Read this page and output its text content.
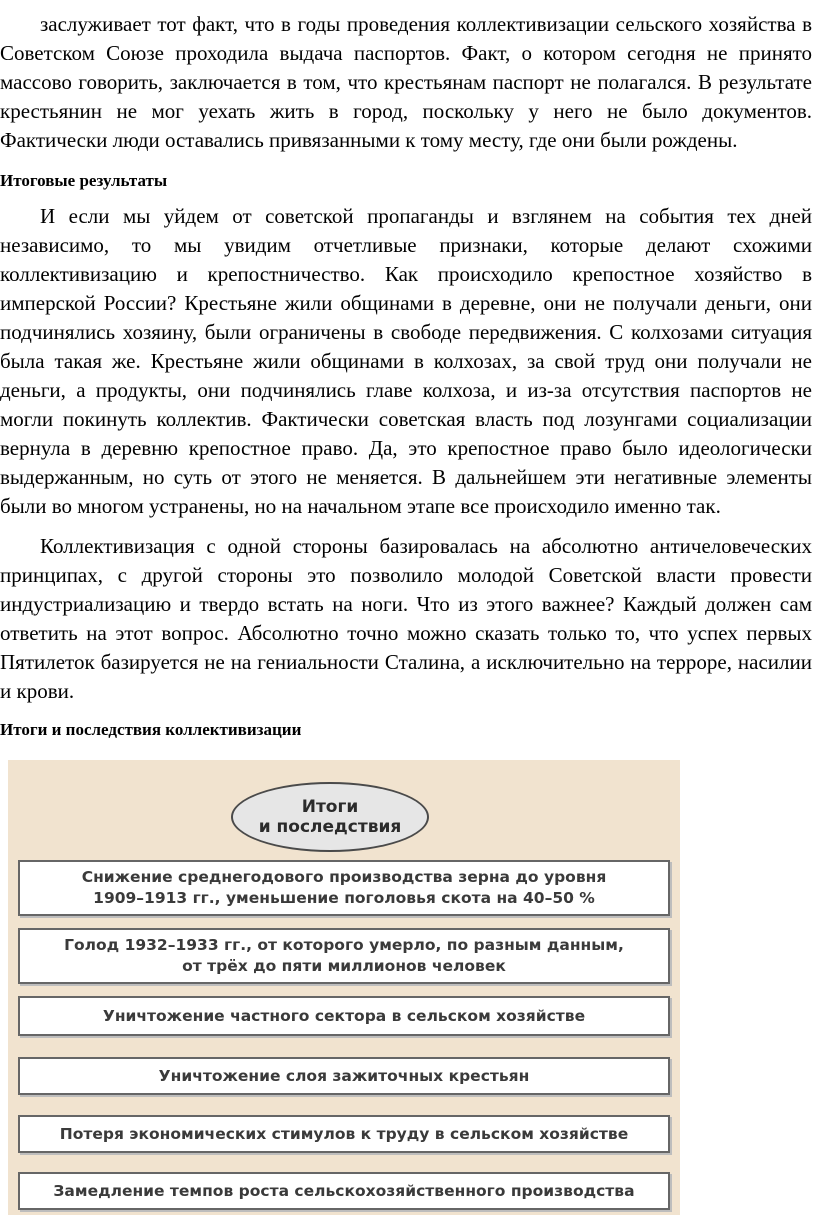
заслуживает тот факт, что в годы проведения коллективизации сельского хозяйства в Советском Союзе проходила выдача паспортов. Факт, о котором сегодня не принято массово говорить, заключается в том, что крестьянам паспорт не полагался. В результате крестьянин не мог уехать жить в город, поскольку у него не было документов. Фактически люди оставались привязанными к тому месту, где они были рождены.

Итоговые результаты

И если мы уйдем от советской пропаганды и взглянем на события тех дней независимо, то мы увидим отчетливые признаки, которые делают схожими коллективизацию и крепостничество. Как происходило крепостное хозяйство в имперской России? Крестьяне жили общинами в деревне, они не получали деньги, они подчинялись хозяину, были ограничены в свободе передвижения. С колхозами ситуация была такая же. Крестьяне жили общинами в колхозах, за свой труд они получали не деньги, а продукты, они подчинялись главе колхоза, и из-за отсутствия паспортов не могли покинуть коллектив. Фактически советская власть под лозунгами социализации вернула в деревню крепостное право. Да, это крепостное право было идеологически выдержанным, но суть от этого не меняется. В дальнейшем эти негативные элементы были во многом устранены, но на начальном этапе все происходило именно так.

Коллективизация с одной стороны базировалась на абсолютно античеловеческих принципах, с другой стороны это позволило молодой Советской власти провести индустриализацию и твердо встать на ноги. Что из этого важнее? Каждый должен сам ответить на этот вопрос. Абсолютно точно можно сказать только то, что успех первых Пятилеток базируется не на гениальности Сталина, а исключительно на терроре, насилии и крови.

Итоги и последствия коллективизации

Итоги
и последствия
Снижение среднегодового производства зерна до уровня
1909–1913 гг., уменьшение поголовья скота на 40–50 %
Голод 1932–1933 гг., от которого умерло, по разным данным,
от трёх до пяти миллионов человек
Уничтожение частного сектора в сельском хозяйстве
Уничтожение слоя зажиточных крестьян
Потеря экономических стимулов к труду в сельском хозяйстве
Замедление темпов роста сельскохозяйственного производства
